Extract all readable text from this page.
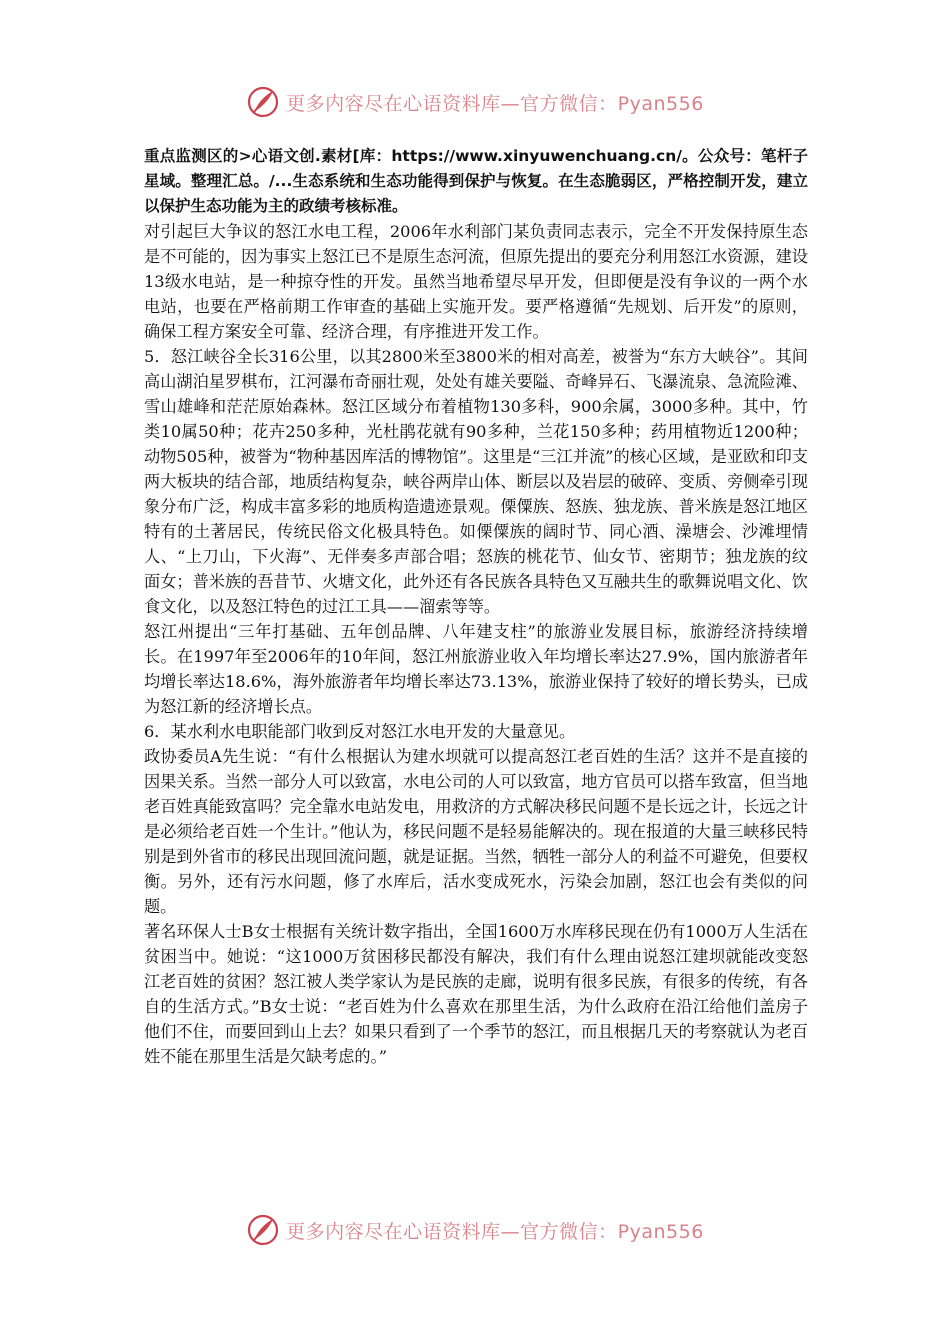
更多内容尽在心语资料库—官方微信：Pyan556

重点监测区的>心语文创.素材[库：https://www.xinyuwenchuang.cn/。公众号：笔杆子星域。整理汇总。/...生态系统和生态功能得到保护与恢复。在生态脆弱区，严格控制开发，建立以保护生态功能为主的政绩考核标准。

对引起巨大争议的怒江水电工程，2006年水利部门某负责同志表示，完全不开发保持原生态是不可能的，因为事实上怒江已不是原生态河流，但原先提出的要充分利用怒江水资源，建设13级水电站，是一种掠夺性的开发。虽然当地希望尽早开发，但即便是没有争议的一两个水电站，也要在严格前期工作审查的基础上实施开发。要严格遵循“先规划、后开发”的原则，确保工程方案安全可靠、经济合理，有序推进开发工作。

5．怒江峡谷全长316公里，以其2800米至3800米的相对高差，被誉为“东方大峡谷”。其间高山湖泊星罗棋布，江河瀑布奇丽壮观，处处有雄关要隘、奇峰异石、飞瀑流泉、急流险滩、雪山雄峰和茫茫原始森林。怒江区域分布着植物130多科，900余属，3000多种。其中，竹类10属50种；花卉250多种，光杜鹃花就有90多种，兰花150多种；药用植物近1200种；动物505种，被誉为“物种基因库活的博物馆”。这里是“三江并流”的核心区域，是亚欧和印支两大板块的结合部，地质结构复杂，峡谷两岸山体、断层以及岩层的破碎、变质、旁侧牵引现象分布广泛，构成丰富多彩的地质构造遗迹景观。傈僳族、怒族、独龙族、普米族是怒江地区特有的土著居民，传统民俗文化极具特色。如傈僳族的阔时节、同心酒、澡塘会、沙滩埋情人、“上刀山，下火海”、无伴奏多声部合唱；怒族的桃花节、仙女节、密期节；独龙族的纹面女；普米族的吾昔节、火塘文化，此外还有各民族各具特色又互融共生的歌舞说唱文化、饮食文化，以及怒江特色的过江工具——溜索等等。

怒江州提出“三年打基础、五年创品牌、八年建支柱”的旅游业发展目标，旅游经济持续增长。在1997年至2006年的10年间，怒江州旅游业收入年均增长率达27.9%，国内旅游者年均增长率达18.6%，海外旅游者年均增长率达73.13%，旅游业保持了较好的增长势头，已成为怒江新的经济增长点。

6．某水利水电职能部门收到反对怒江水电开发的大量意见。

政协委员A先生说：“有什么根据认为建水坝就可以提高怒江老百姓的生活？这并不是直接的因果关系。当然一部分人可以致富，水电公司的人可以致富，地方官员可以搭车致富，但当地老百姓真能致富吗？完全靠水电站发电，用救济的方式解决移民问题不是长远之计，长远之计是必须给老百姓一个生计。”他认为，移民问题不是轻易能解决的。现在报道的大量三峡移民特别是到外省市的移民出现回流问题，就是证据。当然，牺牲一部分人的利益不可避免，但要权衡。另外，还有污水问题，修了水库后，活水变成死水，污染会加剧，怒江也会有类似的问题。

著名环保人士B女士根据有关统计数字指出，全国1600万水库移民现在仍有1000万人生活在贫困当中。她说：“这1000万贫困移民都没有解决，我们有什么理由说怒江建坝就能改变怒江老百姓的贫困？怒江被人类学家认为是民族的走廊，说明有很多民族，有很多的传统，有各自的生活方式。”B女士说：“老百姓为什么喜欢在那里生活，为什么政府在沿江给他们盖房子他们不住，而要回到山上去？如果只看到了一个季节的怒江，而且根据几天的考察就认为老百姓不能在那里生活是欠缺考虑的。”

更多内容尽在心语资料库—官方微信：Pyan556
